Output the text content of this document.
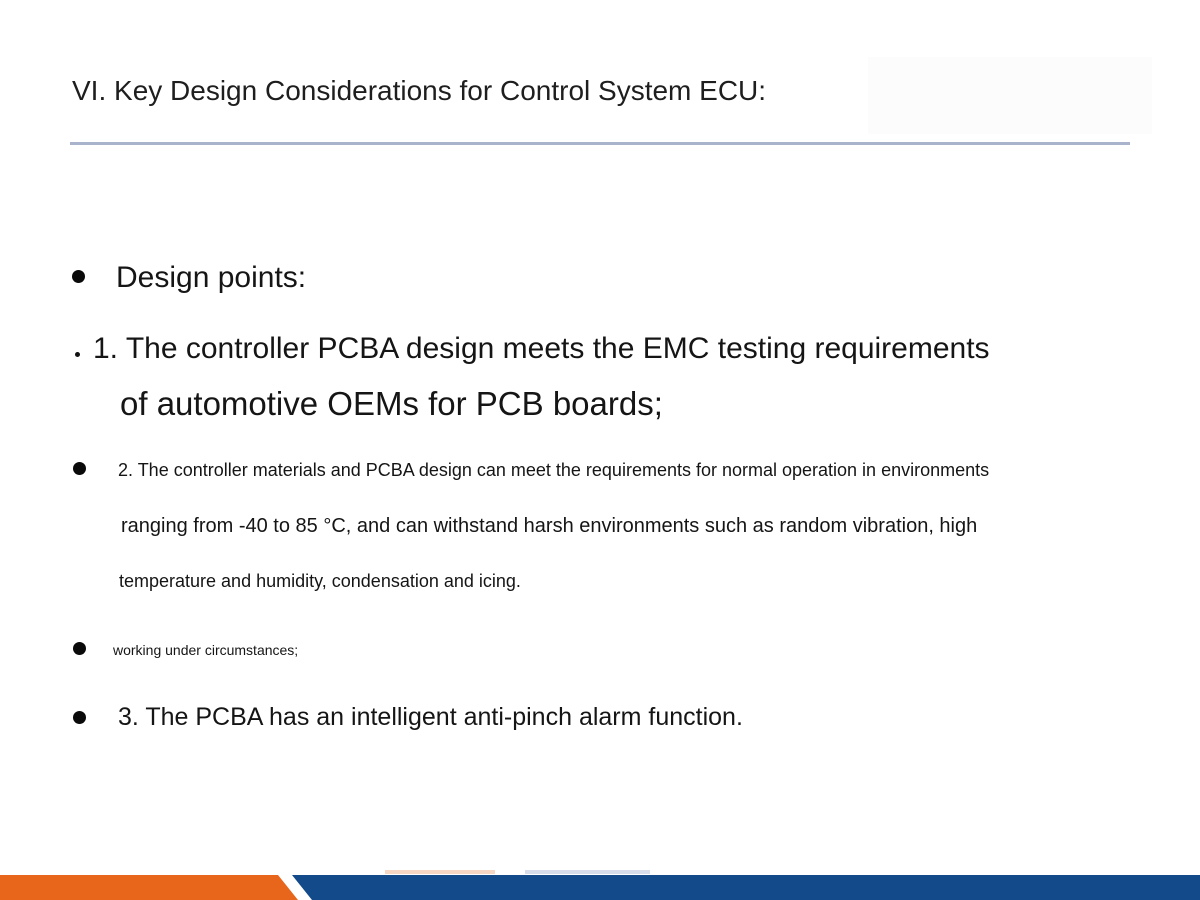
VI. Key Design Considerations for Control System ECU:
Design points:
1. The controller PCBA design meets the EMC testing requirements
of automotive OEMs for PCB boards;
2. The controller materials and PCBA design can meet the requirements for normal operation in environments
ranging from -40 to 85 °C, and can withstand harsh environments such as random vibration, high
temperature and humidity, condensation and icing.
working under circumstances;
3. The PCBA has an intelligent anti-pinch alarm function.
